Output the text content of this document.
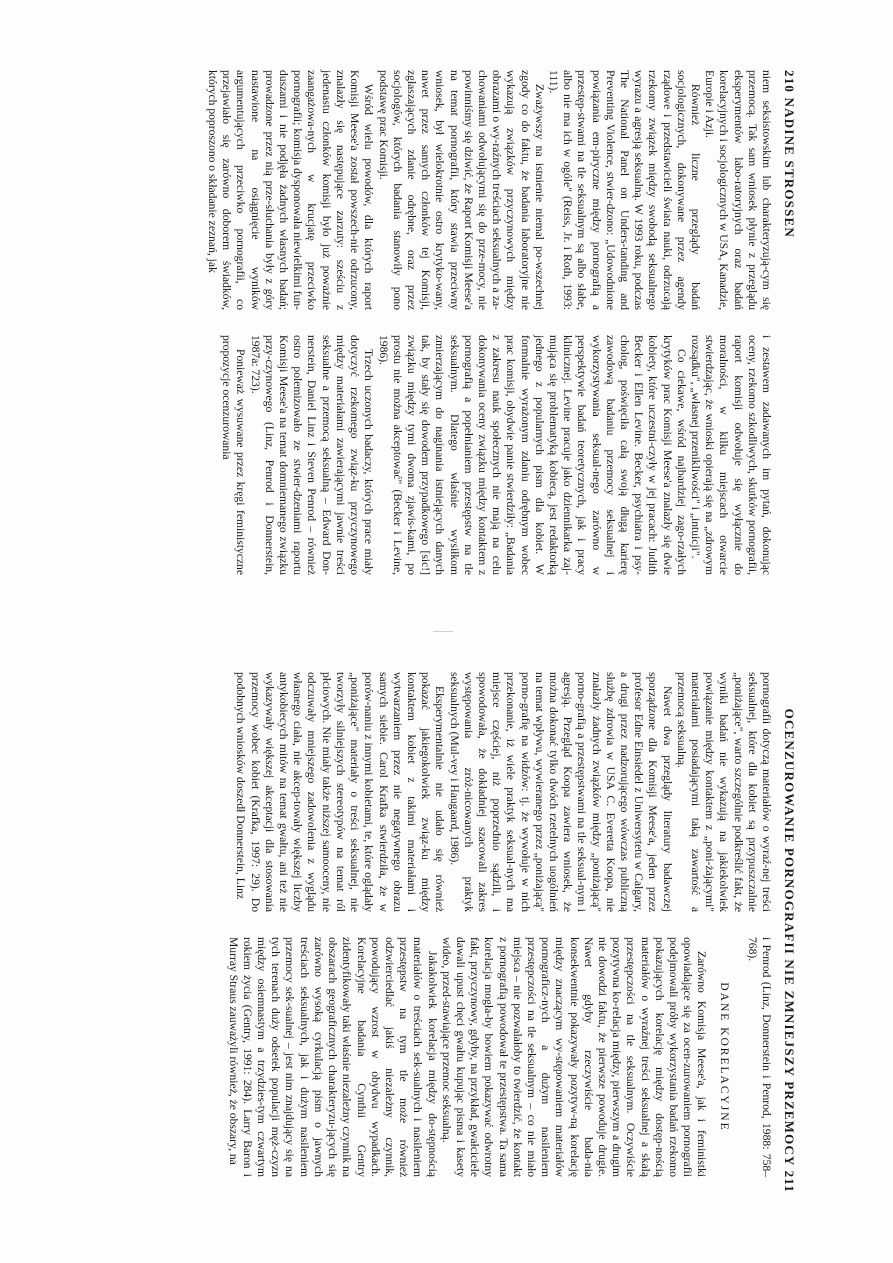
210 NADINE STROSSEN

niem seksistowskim lub charakteryzują-cym się przemocą. Tak sam wniosek płynie z przeglądu eksperymentów labo-ratoryjnych oraz badań korelacyjnych i socjologicznych w USA, Kanadzie, Europie i Azji.

Również liczne przeglądy badań socjologicznych, dokonywane przez agendy rządowe i przedstawicieli świata nauki, odrzucają rzekomy związek między swobodą seksualnego wyrazu a agresją seksualną. W 1993 roku, podczas The National Panel on Unders-tanding and Preventing Violence, stwier-dzono: „Udowodnione powiązania em-piryczne między pornografią a przestęp-stwami na tle seksualnym są albo słabe, albo nie ma ich w ogóle" (Reiss, Jr. i Roth, 1993: 111).

Zważywszy na istnienie niemal po-wszechnej zgody co do faktu, że badania laboratoryjne nie wykazują związków przyczynowych między obrazami o wy-raźnych treściach seksualnych a za-chowaniami odwołującymi się do prze-mocy, nie powinniśmy się dziwić, że Raport Komisji Meese'a na temat pornografii, który stawia przeciwny wniosek, był wielokrotnie ostro krytyko-wany, nawet przez samych członków tej Komisji, zgłaszających zdanie odrębne, oraz przez socjologów, których badania stanowiły pono podstawę prac Komisji.

Wśród wielu powodów, dla których raport Komisji Meese'a został powszech-nie odrzucony, znalazły się następujące zarzuty: sześciu z jedenastu członków komisji było już poważnie zaangażowa-nych w krucjatę przeciwko pornografii; komisja dysponowała niewielkimi fun-duszami i nie podjęła żadnych własnych badań; prowadzone przez nią prze-słuchania były z góry nastawione na osiągnięcie wyników argumentujących przeciwko pornografii, co przejawiało się zarówno doborem świadków, których poproszono o składanie zeznań, jak

i zestawem zadawanych im pytań, dokonując oceny, rzekomo szkodliwych, skutków pornografii, raport komisji odwołuje się wyłącznie do moralności, w kilku miejscach otwarcie stwierdzając, że wnioski opierają się na „zdrowym rozsądku", „własnej przenikliwości" i „intuicji".

Co ciekawe, wśród najbardziej zago-rzałych krytyków prac Komisji Meese'a znalazły się dwie kobiety, które uczestni-czyły w jej pracach: Judith Becker i Ellen Levine. Becker, psychiatra i psy-cholog, poświęciła całą swoją długą karierę zawodową badaniu przemocy seksualnej i wykorzystywania seksual-nego zarówno w perspektywie badań teoretycznych, jak i pracy klinicznej. Levine pracuje jako dziennikarka zaj-mująca się problematyką kobiecą, jest redaktorką jednego z popularnych pism dla kobiet. W formalnie wyrażonym zdaniu odrębnym wobec prac komisji, obydwie panie stwierdziły: „Badania z zakresu nauk społecznych nie mają na celu dokonywania oceny związku między kontaktem z pornografią a popełnianiem przestępstw na tle seksualnym. Dlatego właśnie wysiłkom zmierzającym do naginania istniejących danych tak, by stały się dowodem przypadkowego [sic!] związku między tymi dwoma zjawis-kami, po prostu nie można akceptować" (Becker i Levine, 1986).

Trzech uczonych badaczy, których prace miały dotyczyć rzekomego związ-ku przyczynowego między materiałami zawierającymi jawnie treści seksualne a przemocą seksualną – Edward Don-nerstein, Daniel Linz i Steven Penrod – również ostro polemizowało ze stwier-dzeniami raportu Komisji Meese'a na temat domniemanego związku przy-czynowego (Linz, Penrod i Donnerstein, 1987a: 723).

Ponieważ wysuwane przez kręgi feministyczne propozycje ocenzurowania

OCENZUROWANIE PORNOGRAFII NIE ZMNIEJSZY PRZEMOCY 211

pornografii dotyczą materiałów o wyraź-nej treści seksualnej, które dla kobiet są przypuszczalnie „poniżające", warto szczególnie podkreślić fakt, że wyniki badań nie wykazują na jakiekolwiek powiązanie między kontaktem z „poni-żającymi" materiałami posiadającymi taką zawartość a przemocą seksualną.

Nawet dwa przeglądy literatury badawczej sporządzone dla Komisji Meese'a, jeden przez profesor Edne Einsiedel z Uniwersytetu w Calgary, a drugi przez nadzorującego wówczas publiczną służbę zdrowia w USA C. Everetta Koopa, nie znalazły żadnych związków między „poniżającą" porno-grafią a przestępstwami na tle seksual-nym i agresją. Przegląd Koopa zawiera wniosek, że można dokonać tylko dwóch rzetelnych uogólnień na temat wpływu, wywieranego przez „poniżającą" porno-grafię na widzów: tj. że wywołuje w nich przekonanie, iż wiele praktyk seksual-nych ma miejsce częściej, niż poprzednio sądzili, i spowodowała, że dokładniej szacowali zakres występowania zróż-nicowanych praktyk seksualnych (Mul-vey i Haugaard, 1986).

Eksperymentalnie nie udało się również pokazać jakiegokolwiek związ-ku między kontaktem kobiet z takimi materiałami i wytwarzaniem przez nie negatywnego obrazu samych siebie. Carol Krafka stwierdziła, że w porów-naniu z innymi kobietami, te, które oglądały „poniżające" materiały o treści seksualnej, nie tworzyły silniejszych stereotypów na temat ról płciowych. Nie miały także niższej samooceny, nie odczuwały mniejszego zadowolenia z wyglądu własnego ciała, nie akcep-towały większej liczby antykobiecych mitów na temat gwałtu, ani też nie wykazywały większej akceptacji dla stosowania przemocy wobec kobiet (Krafka, 1997: 29). Do podobnych wniosków doszedł Donnerstein, Linz

i Penrod (Linz, Donnerstein i Penrod, 1988: 758–768).

DANE KORELACYJNE

Zarówno Komisja Meese'a, jak i feministki opowiadające się za ocen-zurowaniem pornografii podejmowali próby wykorzystania badań rzekomo pokazujących korelację między dostęp-nością materiałów o wyraźnej treści seksualnej a skalą przestępczości na tle seksualnym. Oczywiście pozytywna ko-relacja między, pierwszym a drugim nie dowodzi faktu, że pierwsze powoduje drugie. Nawet gdyby rzeczywiście bada-nia konsekwentnie pokazywały pozytyw-ną korelację między znaczącym wy-stępowaniem materiałów pornograficz-nych a dużym nasileniem przestępczości na tle seksualnym – co nie miało miejsca – nie pozwalałoby to twierdzić, że kontakt z pornografią powodował te przestępstwa. Ta sama korelacja mogła-by bowiem pokazywać odwrotny fakt, przyczynowy, gdyby, na przykład, gwałciciele dawali upust chęci gwałtu kupując pisma i kasety wideo, przed-stawiające przemoc seksualną.

Jakakolwiek korelacja między do-stępnością materiałów o treściach sek-sualnych i nasileniem przestępstw na tym tle może również odzwierciedlać jakiś niezależny czynnik, powodujący wzrost w obydwu wypadkach. Korelacyjne badania Cynthii Gentry zidentyfikowały taki właśnie niezależny czynnik na obszarach geograficznych charakteryzu-jących się zarówno wysoką cyrkulacją pism o jawnych treściach seksualnych, jak i dużym nasileniem przemocy sek-sualnej – jest nim znajdujący się na tych terenach duży odsetek populacji męż-czyzn między osiemnastym a trzydzies-tym czwartym rokiem życia (Gentry, 1991: 284). Larry Baron i Murray Straus zauważyli również, że obszary, na
